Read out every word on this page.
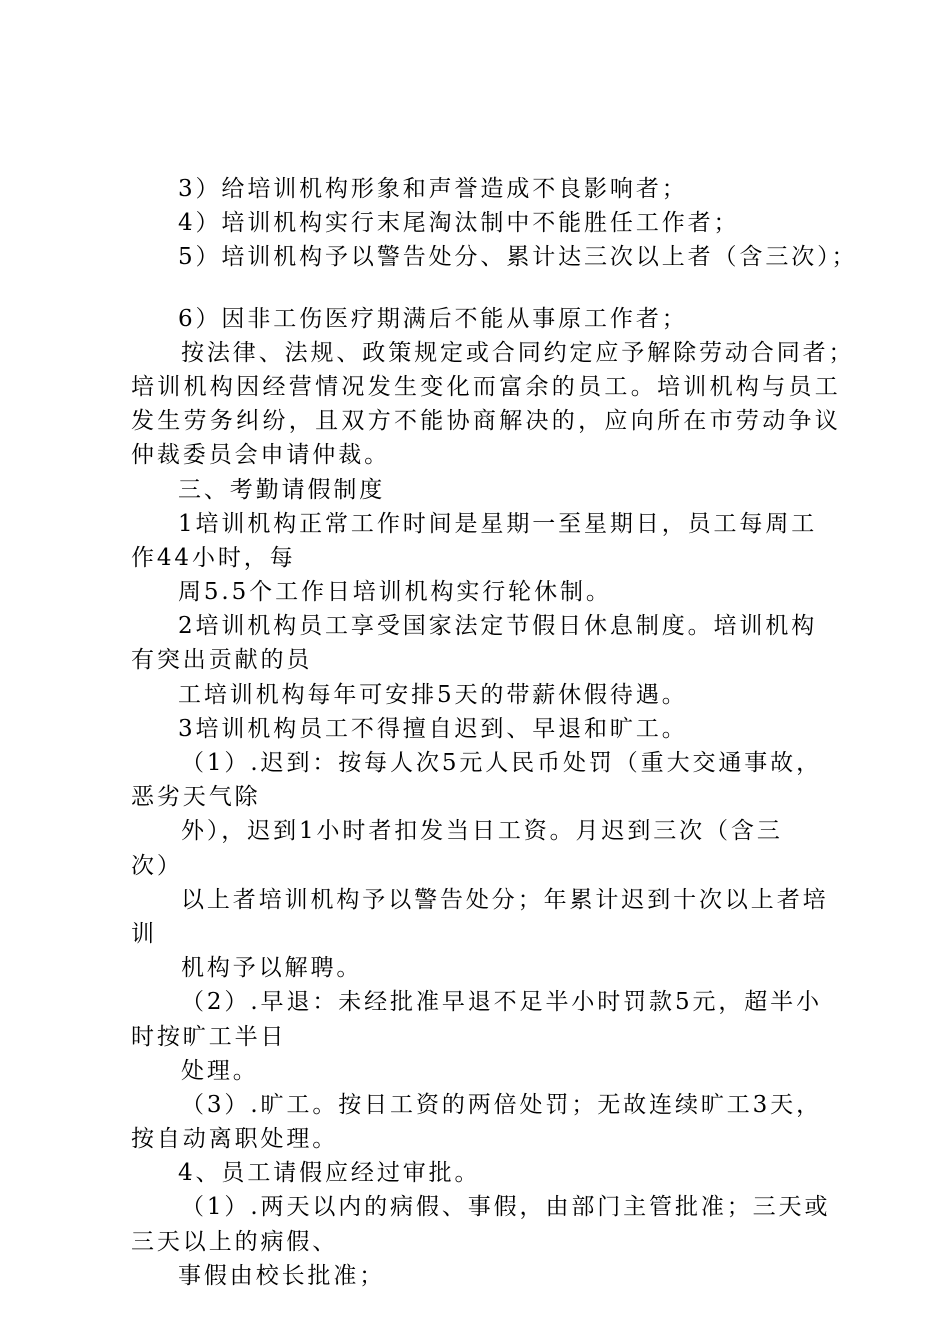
3）给培训机构形象和声誉造成不良影响者；
4）培训机构实行末尾淘汰制中不能胜任工作者；
5）培训机构予以警告处分、累计达三次以上者（含三次）；
6）因非工伤医疗期满后不能从事原工作者；
按法律、法规、政策规定或合同约定应予解除劳动合同者；
培训机构因经营情况发生变化而富余的员工。培训机构与员工
发生劳务纠纷，且双方不能协商解决的，应向所在市劳动争议
仲裁委员会申请仲裁。
三、考勤请假制度
1培训机构正常工作时间是星期一至星期日，员工每周工
作44小时，每
周5.5个工作日培训机构实行轮休制。
2培训机构员工享受国家法定节假日休息制度。培训机构
有突出贡献的员
工培训机构每年可安排5天的带薪休假待遇。
3培训机构员工不得擅自迟到、早退和旷工。
（1）.迟到：按每人次5元人民币处罚（重大交通事故，
恶劣天气除
外），迟到1小时者扣发当日工资。月迟到三次（含三
次）
以上者培训机构予以警告处分；年累计迟到十次以上者培
训
机构予以解聘。
（2）.早退：未经批准早退不足半小时罚款5元，超半小
时按旷工半日
处理。
（3）.旷工。按日工资的两倍处罚；无故连续旷工3天，
按自动离职处理。
4、员工请假应经过审批。
（1）.两天以内的病假、事假，由部门主管批准；三天或
三天以上的病假、
事假由校长批准；
